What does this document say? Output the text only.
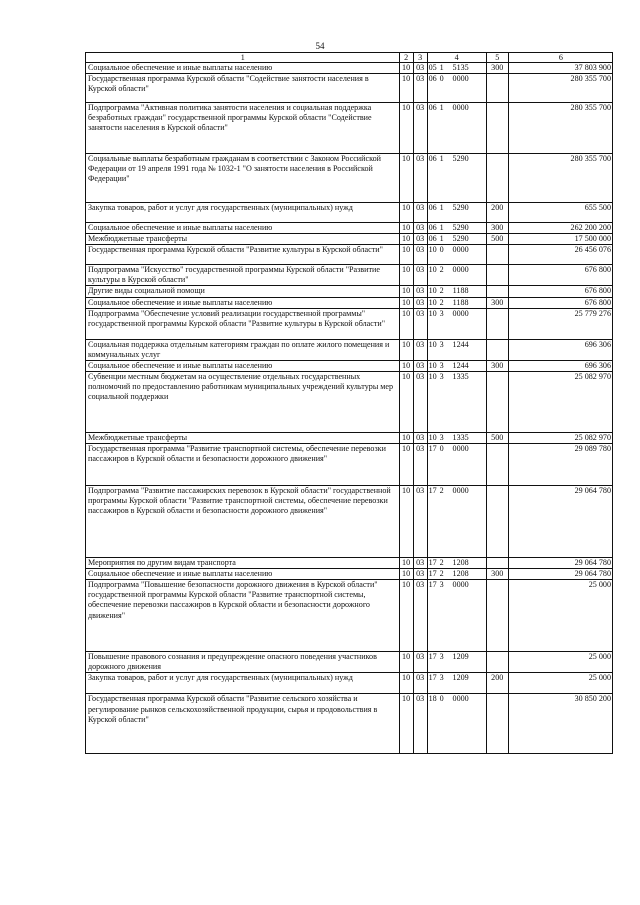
54
1	2	3	4	5	6
Социальное обеспечение и иные выплаты населению	10	03	05 1 5135	300	37 803 900
Государственная программа Курской области "Содействие занятости населения в Курской области"	10	03	06 0 0000		280 355 700
Подпрограмма "Активная политика занятости населения и социальная поддержка безработных граждан" государственной программы Курской области "Содействие занятости населения в Курской области"	10	03	06 1 0000		280 355 700
Социальные выплаты безработным гражданам в соответствии с Законом Российской Федерации от 19 апреля 1991 года № 1032-1 "О занятости населения в Российской Федерации"	10	03	06 1 5290		280 355 700
Закупка товаров, работ и услуг для государственных (муниципальных) нужд	10	03	06 1 5290	200	655 500
Социальное обеспечение и иные выплаты населению	10	03	06 1 5290	300	262 200 200
Межбюджетные трансферты	10	03	06 1 5290	500	17 500 000
Государственная программа Курской области "Развитие культуры в Курской области"	10	03	10 0 0000		26 456 076
Подпрограмма "Искусство" государственной программы Курской области "Развитие культуры в Курской области"	10	03	10 2 0000		676 800
Другие виды социальной помощи	10	03	10 2 1188		676 800
Социальное обеспечение и иные выплаты населению	10	03	10 2 1188	300	676 800
Подпрограмма "Обеспечение условий реализации государственной программы" государственной программы Курской области "Развитие культуры в Курской области"	10	03	10 3 0000		25 779 276
Социальная поддержка отдельным категориям граждан по оплате жилого помещения и коммунальных услуг	10	03	10 3 1244		696 306
Социальное обеспечение и иные выплаты населению	10	03	10 3 1244	300	696 306
Субвенции местным бюджетам на осуществление отдельных государственных полномочий по предоставлению работникам муниципальных учреждений культуры мер социальной поддержки	10	03	10 3 1335		25 082 970
Межбюджетные трансферты	10	03	10 3 1335	500	25 082 970
Государственная программа "Развитие транспортной системы, обеспечение перевозки пассажиров в Курской области и безопасности дорожного движения"	10	03	17 0 0000		29 089 780
Подпрограмма "Развитие пассажирских перевозок в Курской области" государственной программы Курской области "Развитие транспортной системы, обеспечение перевозки пассажиров в Курской области и безопасности дорожного движения"	10	03	17 2 0000		29 064 780
Мероприятия по другим видам транспорта	10	03	17 2 1208		29 064 780
Социальное обеспечение и иные выплаты населению	10	03	17 2 1208	300	29 064 780
Подпрограмма "Повышение безопасности дорожного движения в Курской области" государственной программы Курской области "Развитие транспортной системы, обеспечение перевозки пассажиров в Курской области и безопасности дорожного движения"	10	03	17 3 0000		25 000
Повышение правового сознания и предупреждение опасного поведения участников дорожного движения	10	03	17 3 1209		25 000
Закупка товаров, работ и услуг для государственных (муниципальных) нужд	10	03	17 3 1209	200	25 000
Государственная программа Курской области "Развитие сельского хозяйства и регулирование рынков сельскохозяйственной продукции, сырья и продовольствия в Курской области"	10	03	18 0 0000		30 850 200
